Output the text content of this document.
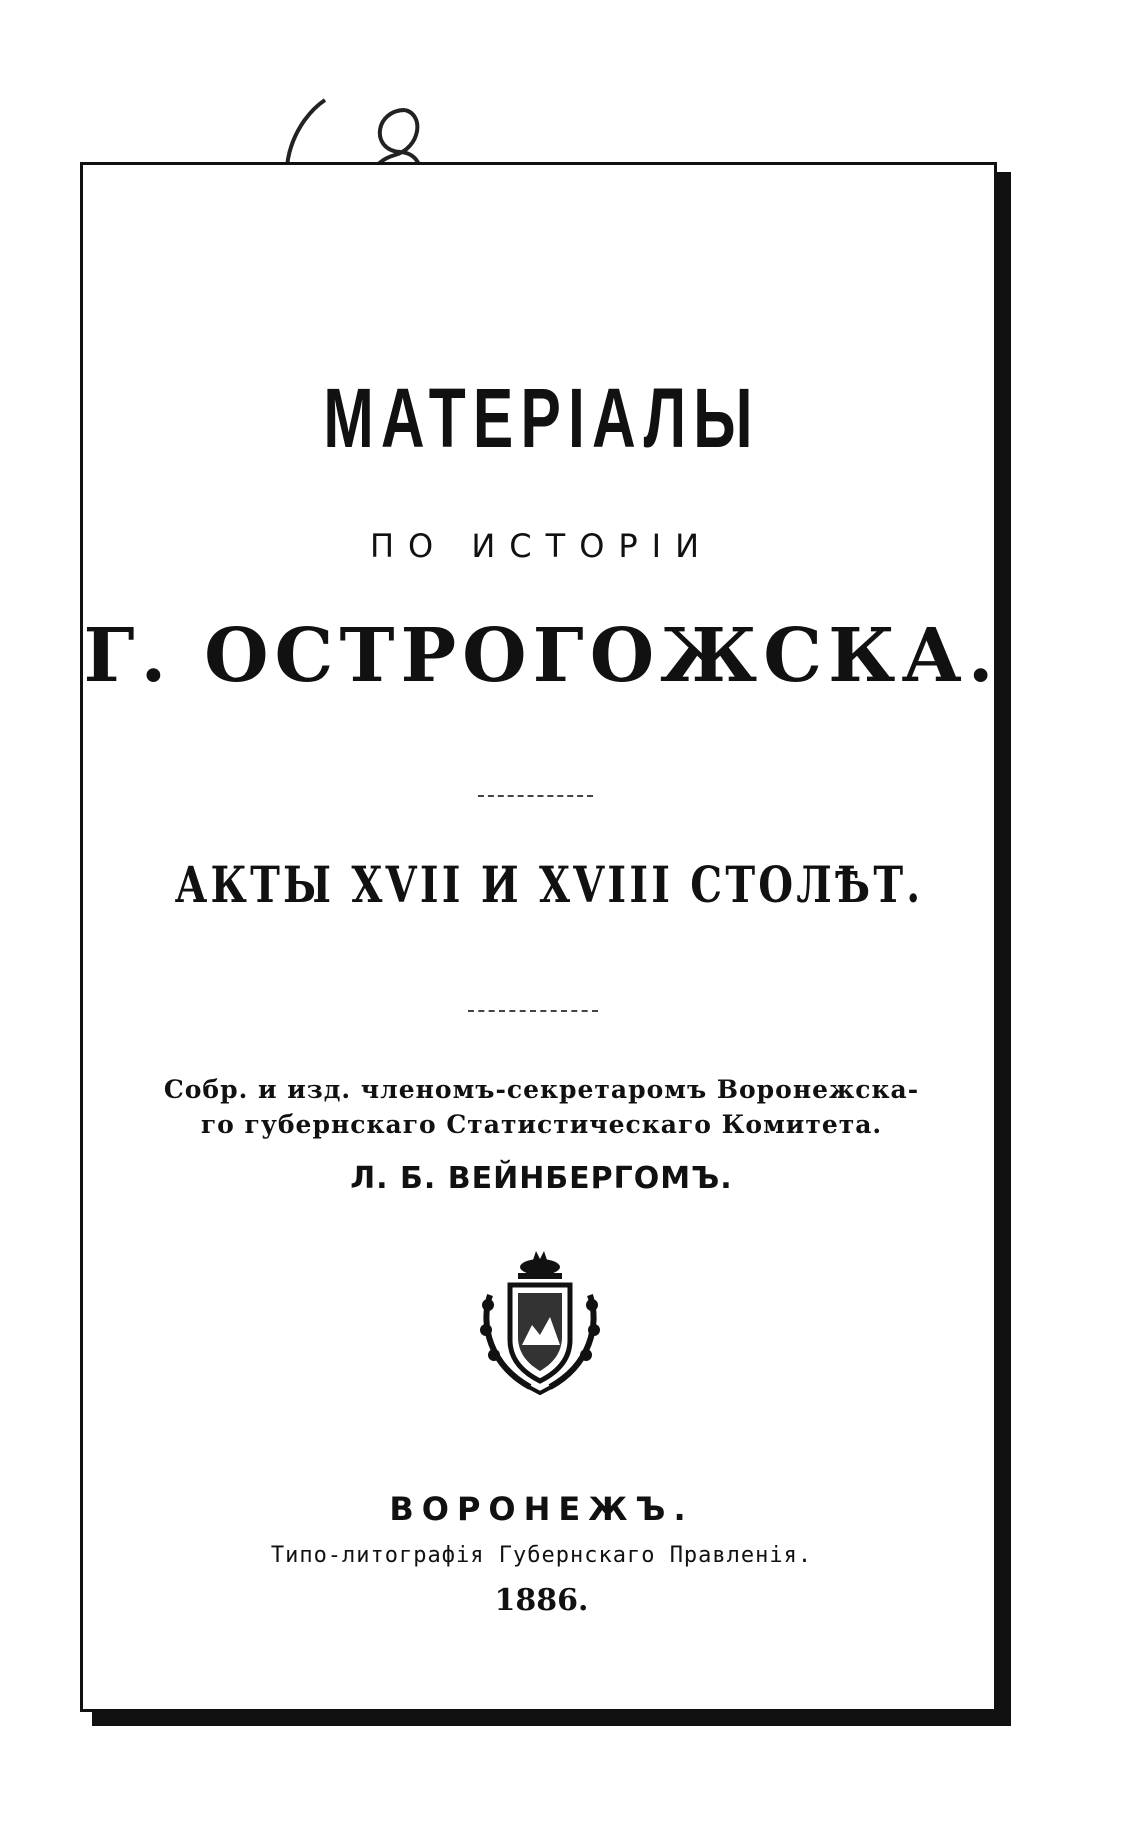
МАТЕРІАЛЫ
ПО ИСТОРІИ
Г. ОСТРОГОЖСКА.
АКТЫ XVII И XVIII СТОЛѢТ.
Собр. и изд. членомъ-секретаромъ Воронежска-
го губернскаго Статистическаго Комитета.
Л. Б. ВЕЙНБЕРГОМЪ.
ВОРОНЕЖЪ.
Типо-литографія Губернскаго Правленія.
1886.
